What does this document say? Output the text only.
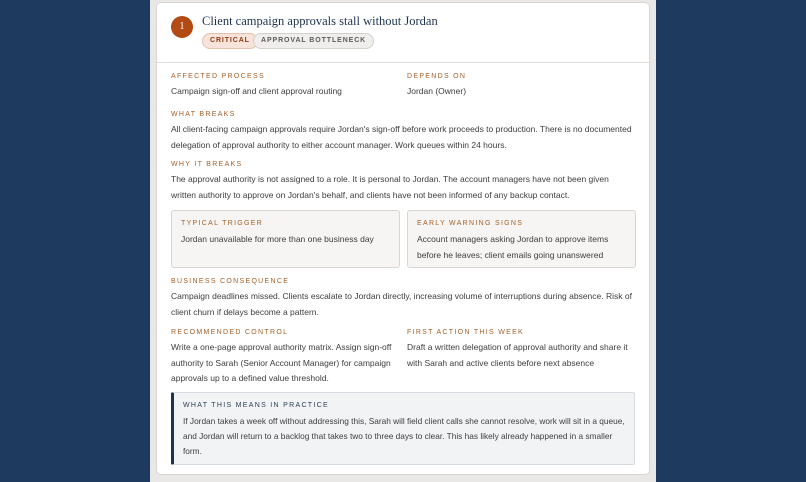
1	Client campaign approvals stall without Jordan
CRITICAL	APPROVAL BOTTLENECK
AFFECTED PROCESS
Campaign sign-off and client approval routing
DEPENDS ON
Jordan (Owner)
WHAT BREAKS
All client-facing campaign approvals require Jordan's sign-off before work proceeds to production. There is no documented delegation of approval authority to either account manager. Work queues within 24 hours.
WHY IT BREAKS
The approval authority is not assigned to a role. It is personal to Jordan. The account managers have not been given written authority to approve on Jordan's behalf, and clients have not been informed of any backup contact.
TYPICAL TRIGGER
Jordan unavailable for more than one business day
EARLY WARNING SIGNS
Account managers asking Jordan to approve items before he leaves; client emails going unanswered
BUSINESS CONSEQUENCE
Campaign deadlines missed. Clients escalate to Jordan directly, increasing volume of interruptions during absence. Risk of client churn if delays become a pattern.
RECOMMENDED CONTROL
Write a one-page approval authority matrix. Assign sign-off authority to Sarah (Senior Account Manager) for campaign approvals up to a defined value threshold.
FIRST ACTION THIS WEEK
Draft a written delegation of approval authority and share it with Sarah and active clients before next absence
WHAT THIS MEANS IN PRACTICE
If Jordan takes a week off without addressing this, Sarah will field client calls she cannot resolve, work will sit in a queue, and Jordan will return to a backlog that takes two to three days to clear. This has likely already happened in a smaller form.
